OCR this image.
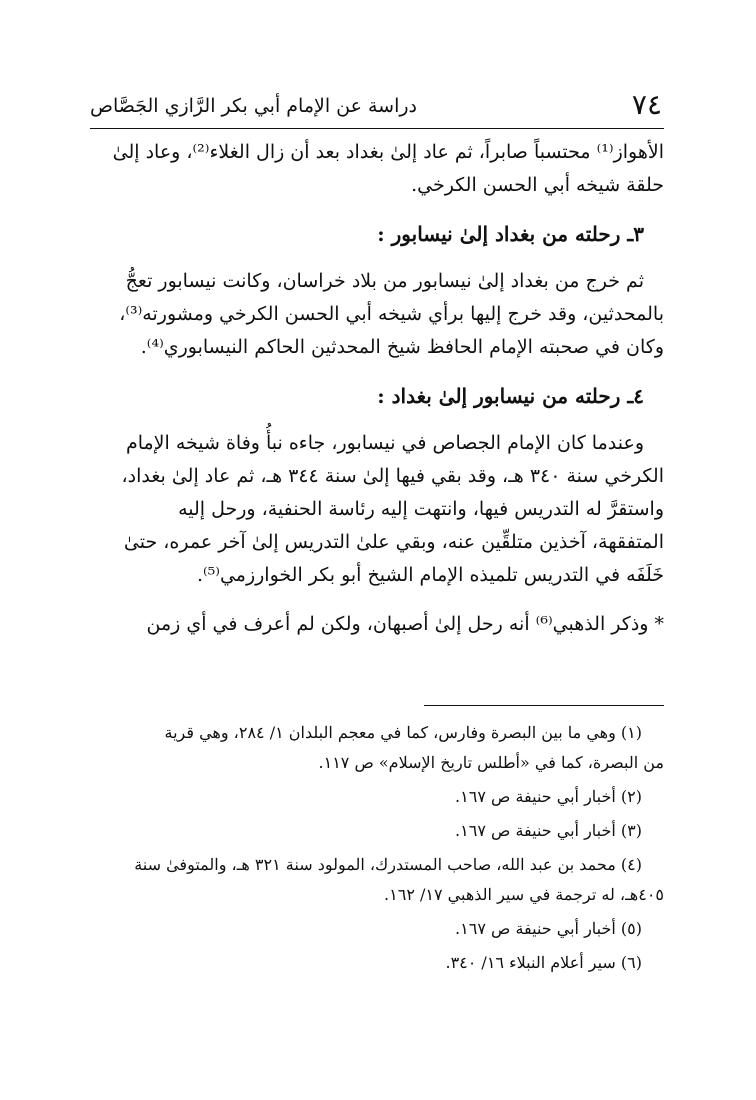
٧٤
دراسة عن الإمام أبي بكر الرَّازي الجَصَّاص

الأهواز⁽¹⁾ محتسباً صابراً، ثم عاد إلىٰ بغداد بعد أن زال الغلاء⁽²⁾، وعاد إلىٰ
حلقة شيخه أبي الحسن الكرخي.

٣ـ رحلته من بغداد إلىٰ نيسابور :

ثم خرج من بغداد إلىٰ نيسابور من بلاد خراسان، وكانت نيسابور تعجُّ
بالمحدثين، وقد خرج إليها برأي شيخه أبي الحسن الكرخي ومشورته⁽³⁾،
وكان في صحبته الإمام الحافظ شيخ المحدثين الحاكم النيسابوري⁽⁴⁾.

٤ـ رحلته من نيسابور إلىٰ بغداد :

وعندما كان الإمام الجصاص في نيسابور، جاءه نبأُ وفاة شيخه الإمام
الكرخي سنة ٣٤٠ هـ، وقد بقي فيها إلىٰ سنة ٣٤٤ هـ، ثم عاد إلىٰ بغداد،
واستقرَّ له التدريس فيها، وانتهت إليه رئاسة الحنفية، ورحل إليه
المتفقهة، آخذين متلقِّين عنه، وبقي علىٰ التدريس إلىٰ آخر عمره، حتىٰ
خَلَفَه في التدريس تلميذه الإمام الشيخ أبو بكر الخوارزمي⁽⁵⁾.

* وذكر الذهبي⁽⁶⁾ أنه رحل إلىٰ أصبهان، ولكن لم أعرف في أي زمن

(١) وهي ما بين البصرة وفارس، كما في معجم البلدان ١/ ٢٨٤، وهي قرية
من البصرة، كما في «أطلس تاريخ الإسلام» ص ١١٧.
(٢) أخبار أبي حنيفة ص ١٦٧.
(٣) أخبار أبي حنيفة ص ١٦٧.
(٤) محمد بن عبد الله، صاحب المستدرك، المولود سنة ٣٢١ هـ، والمتوفىٰ سنة
٤٠٥هـ، له ترجمة في سير الذهبي ١٧/ ١٦٢.
(٥) أخبار أبي حنيفة ص ١٦٧.
(٦) سير أعلام النبلاء ١٦/ ٣٤٠.
